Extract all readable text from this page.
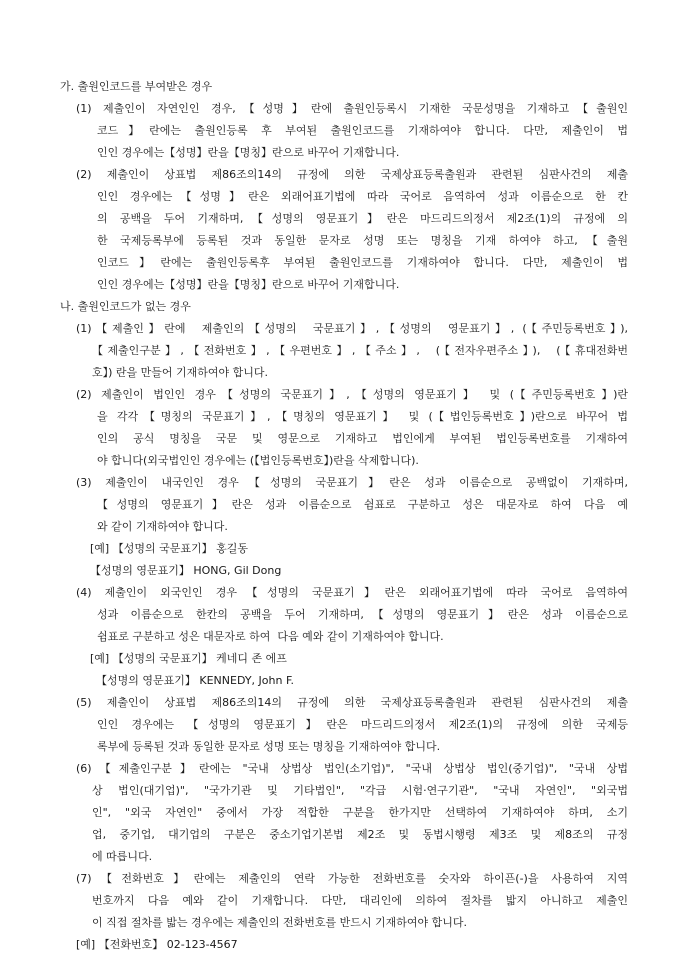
가. 출원인코드를 부여받은 경우
(1) 제출인이 자연인인 경우,【성명】란에 출원인등록시 기재한 국문성명을 기재하고【출원인
코드】란에는 출원인등록 후 부여된 출원인코드를 기재하여야 합니다. 다만, 제출인이 법
인인 경우에는【성명】란을【명칭】란으로 바꾸어 기재합니다.
(2) 제출인이 상표법 제86조의14의 규정에 의한 국제상표등록출원과 관련된 심판사건의 제출
인인 경우에는【성명】란은 외래어표기법에 따라 국어로 음역하여 성과 이름순으로 한 칸
의 공백을 두어 기재하며,【성명의 영문표기】란은 마드리드의정서 제2조(1)의 규정에 의
한 국제등록부에 등록된 것과 동일한 문자로 성명 또는 명칭을 기재 하여야 하고,【출원
인코드】란에는 출원인등록후 부여된 출원인코드를 기재하여야 합니다. 다만, 제출인이 법
인인 경우에는【성명】란을【명칭】란으로 바꾸어 기재합니다.
나. 출원인코드가 없는 경우
(1)【제출인】란에  제출인의【성명의  국문표기】,【성명의  영문표기】, (【주민등록번호】),
【제출인구분】,【전화번호】,【우편번호】,【주소】,  (【전자우편주소】),  (【휴대전화번
호】) 란을 만들어 기재하여야 합니다.
(2) 제출인이 법인인 경우【성명의 국문표기】,【성명의 영문표기】 및 (【주민등록번호】)란
을 각각【명칭의 국문표기】,【명칭의 영문표기】 및 (【법인등록번호】)란으로 바꾸어 법
인의 공식 명칭을 국문 및 영문으로 기재하고 법인에게 부여된 법인등록번호를 기재하여
야 합니다(외국법인인 경우에는 (【법인등록번호】)란을 삭제합니다).
(3) 제출인이 내국인인 경우【성명의 국문표기】란은 성과 이름순으로 공백없이 기재하며,
【성명의 영문표기】란은 성과 이름순으로 쉼표로 구분하고 성은 대문자로 하여 다음 예
와 같이 기재하여야 합니다.
[예] 【성명의 국문표기】 홍길동
【성명의 영문표기】 HONG, Gil Dong
(4) 제출인이 외국인인 경우【성명의 국문표기】란은 외래어표기법에 따라 국어로 음역하여
성과 이름순으로 한칸의 공백을 두어 기재하며,【성명의 영문표기】란은 성과 이름순으로
쉼표로 구분하고 성은 대문자로 하여  다음 예와 같이 기재하여야 합니다.
[예] 【성명의 국문표기】 케네디 존 에프
【성명의 영문표기】 KENNEDY, John F.
(5) 제출인이 상표법 제86조의14의 규정에 의한 국제상표등록출원과 관련된 심판사건의 제출
인인 경우에는 【성명의 영문표기】란은 마드리드의정서 제2조(1)의 규정에 의한 국제등
록부에 등록된 것과 동일한 문자로 성명 또는 명칭을 기재하여야 합니다.
(6)【제출인구분】란에는 "국내 상법상 법인(소기업)", "국내 상법상 법인(중기업)", "국내 상법
상 법인(대기업)", "국가기관 및 기타법인", "각급 시험·연구기관", "국내 자연인", "외국법
인", "외국 자연인" 중에서 가장 적합한 구분을 한가지만 선택하여 기재하여야 하며, 소기
업, 중기업, 대기업의 구분은 중소기업기본법 제2조 및 동법시행령 제3조 및 제8조의 규정
에 따릅니다.
(7)【전화번호】란에는 제출인의 연락 가능한 전화번호를 숫자와 하이픈(-)을 사용하여 지역
번호까지 다음 예와 같이 기재합니다. 다만, 대리인에 의하여 절차를 밟지 아니하고 제출인
이 직접 절차를 밟는 경우에는 제출인의 전화번호를 반드시 기재하여야 합니다.
[예] 【전화번호】 02-123-4567
